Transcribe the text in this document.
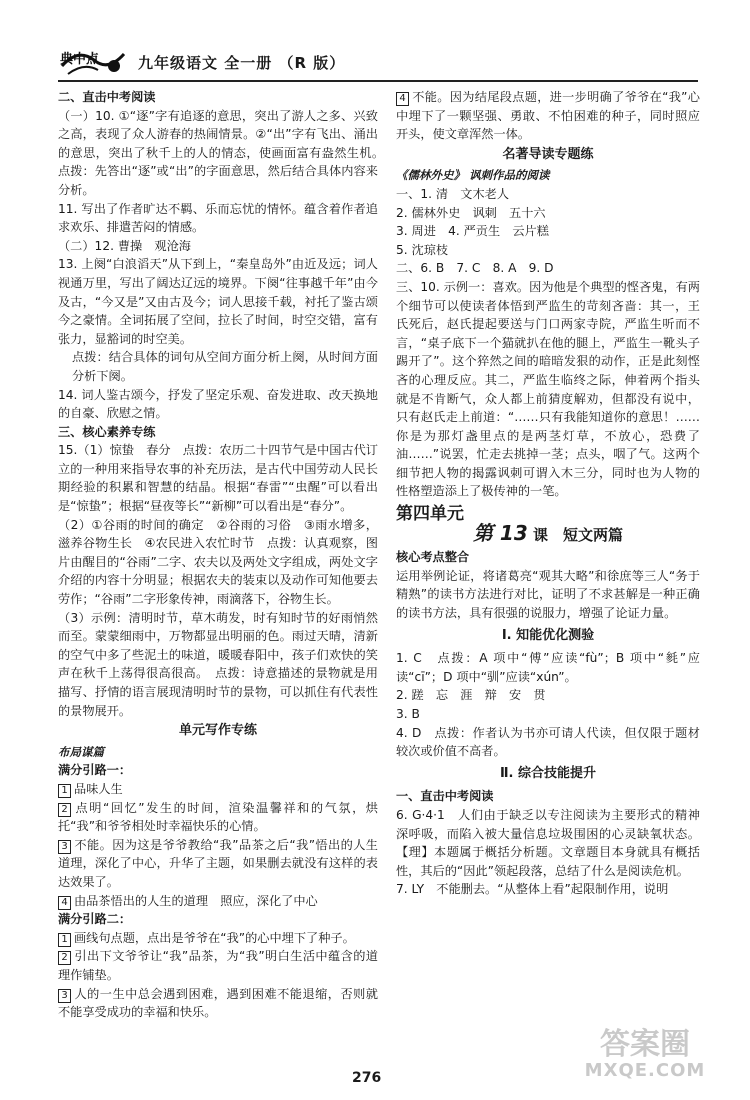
典中点	九年级语文 全一册 （R 版）

二、直击中考阅读

（一）10. ①“逐”字有追逐的意思，突出了游人之多、兴致之高，表现了众人游春的热闹情景。②“出”字有飞出、涌出的意思，突出了秋千上的人的情态，使画面富有盎然生机。　点拨：先答出“逐”或“出”的字面意思，然后结合具体内容来分析。

11. 写出了作者旷达不羁、乐而忘忧的情怀。蕴含着作者追求欢乐、排遣苦闷的情感。

（二）12. 曹操　观沧海

13. 上阕“白浪滔天”从下到上，“秦皇岛外”由近及远；词人视通万里，写出了阔达辽远的境界。下阕“往事越千年”由今及古，“今又是”又由古及今；词人思接千载，衬托了鉴古颂今之豪情。全词拓展了空间，拉长了时间，时空交错，富有张力，显豁词的时空美。

点拨：结合具体的词句从空间方面分析上阕，从时间方面分析下阕。

14. 词人鉴古颂今，抒发了坚定乐观、奋发进取、改天换地的自豪、欣慰之情。

三、核心素养专练

15.（1）惊蛰　春分　点拨：农历二十四节气是中国古代订立的一种用来指导农事的补充历法，是古代中国劳动人民长期经验的积累和智慧的结晶。根据“春雷”“虫醒”可以看出是“惊蛰”；根据“昼夜等长”“新柳”可以看出是“春分”。

（2）①谷雨的时间的确定　②谷雨的习俗　③雨水增多，滋养谷物生长　④农民进入农忙时节　点拨：认真观察，图片由醒目的“谷雨”二字、农夫以及两处文字组成，两处文字介绍的内容十分明显；根据农夫的装束以及动作可知他要去劳作；“谷雨”二字形象传神，雨滴落下，谷物生长。

（3）示例：清明时节，草木萌发，时有知时节的好雨悄然而至。蒙蒙细雨中，万物都显出明丽的色。雨过天晴，清新的空气中多了些泥土的味道，暖暖春阳中，孩子们欢快的笑声在秋千上荡得很高很高。　点拨：诗意描述的景物就是用描写、抒情的语言展现清明时节的景物，可以抓住有代表性的景物展开。

单元写作专练

布局谋篇

满分引路一：

1 品味人生

2 点明“回忆”发生的时间，渲染温馨祥和的气氛，烘托“我”和爷爷相处时幸福快乐的心情。

3 不能。因为这是爷爷教给“我”品茶之后“我”悟出的人生道理，深化了中心，升华了主题，如果删去就没有这样的表达效果了。

4 由品茶悟出的人生的道理　照应，深化了中心

满分引路二：

1 画线句点题，点出是爷爷在“我”的心中埋下了种子。

2 引出下文爷爷让“我”品茶，为“我”明白生活中蕴含的道理作铺垫。

3 人的一生中总会遇到困难，遇到困难不能退缩，否则就不能享受成功的幸福和快乐。

4 不能。因为结尾段点题，进一步明确了爷爷在“我”心中埋下了一颗坚强、勇敢、不怕困难的种子，同时照应开头，使文章浑然一体。

名著导读专题练

《儒林外史》 讽刺作品的阅读

一、1. 清　文木老人

2. 儒林外史　讽刺　五十六

3. 周进　4. 严贡生　云片糕

5. 沈琼枝

二、6. B　7. C　8. A　9. D

三、10. 示例一：喜欢。因为他是个典型的悭吝鬼，有两个细节可以使读者体悟到严监生的苛刻吝啬：其一，王氏死后，赵氏提起要送与门口两家寺院，严监生听而不言，“桌子底下一个猫就扒在他的腿上，严监生一靴头子踢开了”。这个猝然之间的暗暗发狠的动作，正是此刻悭吝的心理反应。其二，严监生临终之际，伸着两个指头就是不肯断气，众人都上前猜度解劝，但都没有说中，只有赵氏走上前道：“……只有我能知道你的意思！……你是为那灯盏里点的是两茎灯草，不放心，恐费了油……”说罢，忙走去挑掉一茎；点头，咽了气。这两个细节把人物的揭露讽刺可谓入木三分，同时也为人物的性格塑造添上了极传神的一笔。

第四单元

第 13 课　短文两篇

核心考点整合

运用举例论证，将诸葛亮“观其大略”和徐庶等三人“务于精熟”的读书方法进行对比，证明了不求甚解是一种正确的读书方法，具有很强的说服力，增强了论证力量。

Ⅰ. 知能优化测验

1. C　点拨：A 项中“傅”应读“fù”；B 项中“毵”应读“cī”；D 项中“驯”应读“xún”。

2. 蹉　忘　涯　辩　安　贯

3. B

4. D　点拨：作者认为书亦可请人代读，但仅限于题材较次或价值不高者。

Ⅱ. 综合技能提升

一、直击中考阅读

6. G·4·1　人们由于缺乏以专注阅读为主要形式的精神深呼吸，而陷入被大量信息垃圾围困的心灵缺氧状态。【理】本题属于概括分析题。文章题目本身就具有概括性，其后的“因此”领起段落，总结了什么是阅读危机。

7. LY　不能删去。“从整体上看”起限制作用，说明

276
答案圈
MXQE.COM
